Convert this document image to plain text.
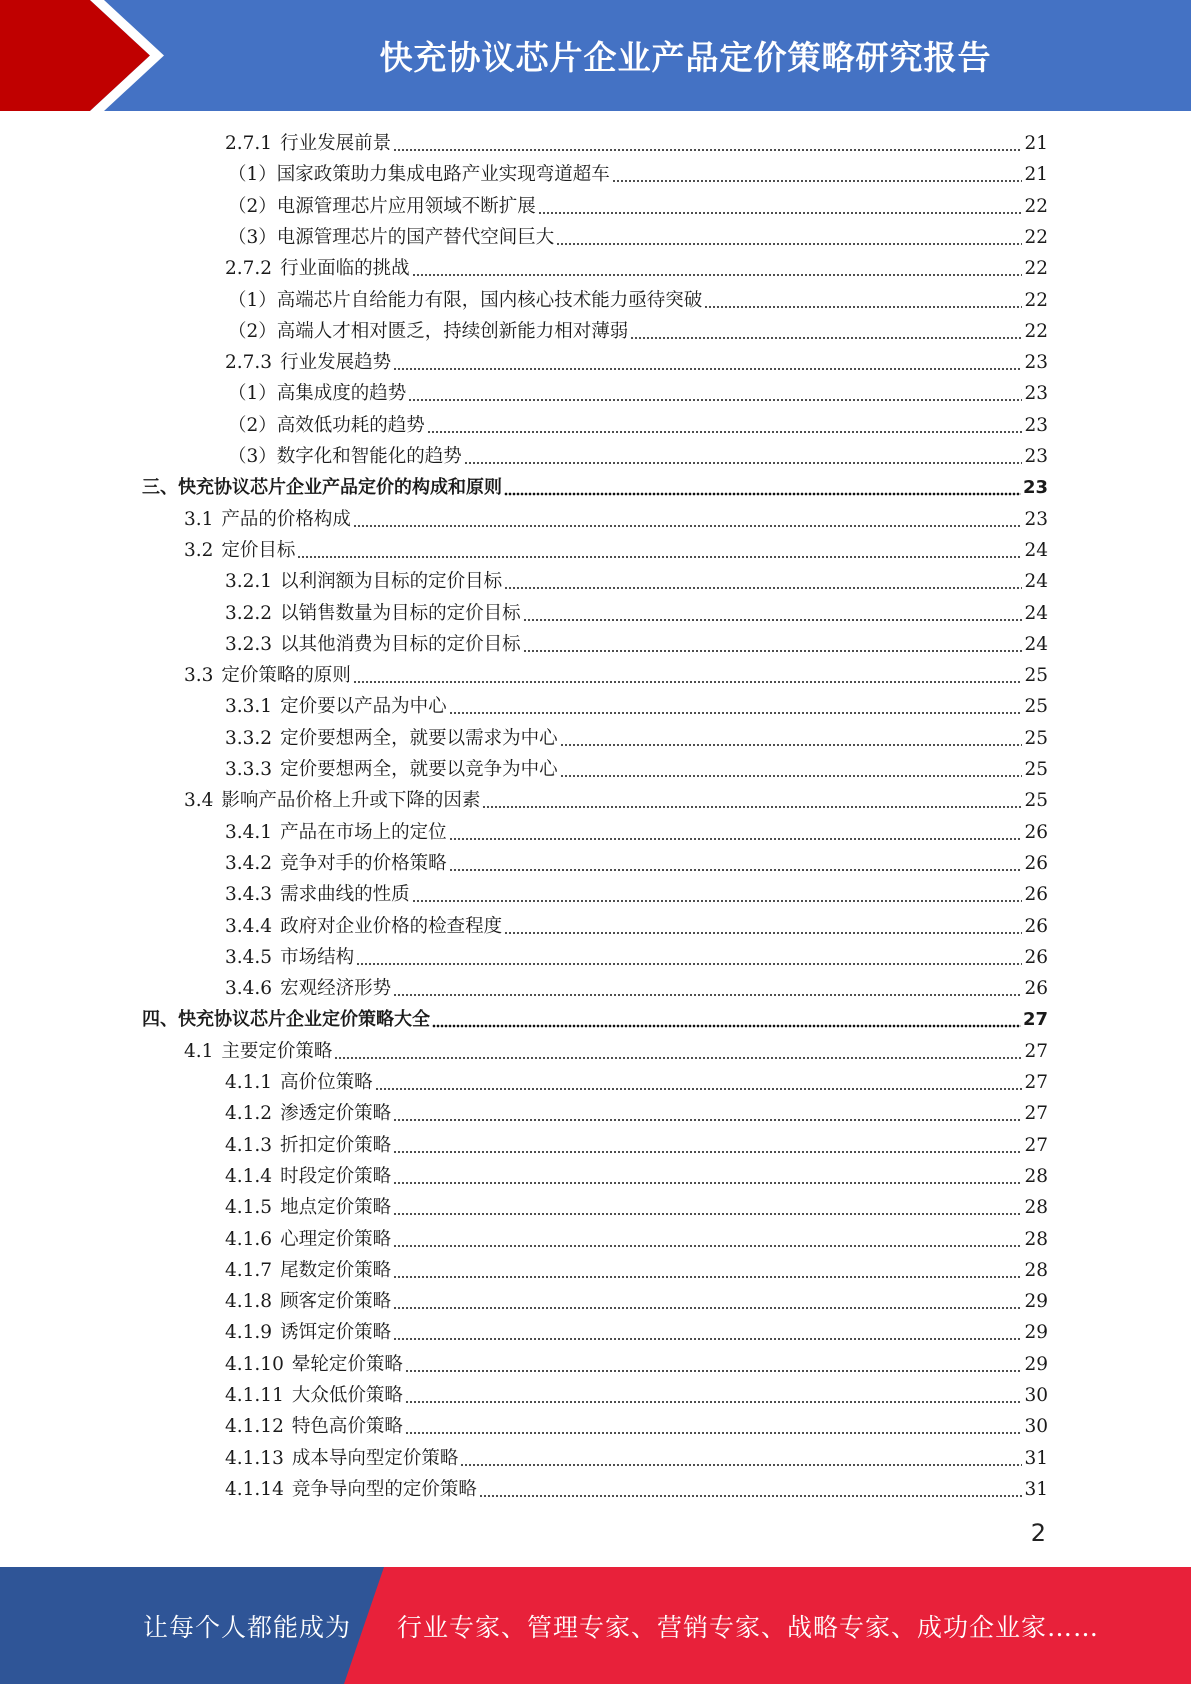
快充协议芯片企业产品定价策略研究报告
2.7.1 行业发展前景	21
（1）国家政策助力集成电路产业实现弯道超车	21
（2）电源管理芯片应用领域不断扩展	22
（3）电源管理芯片的国产替代空间巨大	22
2.7.2 行业面临的挑战	22
（1）高端芯片自给能力有限，国内核心技术能力亟待突破	22
（2）高端人才相对匮乏，持续创新能力相对薄弱	22
2.7.3 行业发展趋势	23
（1）高集成度的趋势	23
（2）高效低功耗的趋势	23
（3）数字化和智能化的趋势	23
三、快充协议芯片企业产品定价的构成和原则	23
3.1 产品的价格构成	23
3.2 定价目标	24
3.2.1 以利润额为目标的定价目标	24
3.2.2 以销售数量为目标的定价目标	24
3.2.3 以其他消费为目标的定价目标	24
3.3 定价策略的原则	25
3.3.1 定价要以产品为中心	25
3.3.2 定价要想两全，就要以需求为中心	25
3.3.3 定价要想两全，就要以竞争为中心	25
3.4 影响产品价格上升或下降的因素	25
3.4.1 产品在市场上的定位	26
3.4.2 竞争对手的价格策略	26
3.4.3 需求曲线的性质	26
3.4.4 政府对企业价格的检查程度	26
3.4.5 市场结构	26
3.4.6 宏观经济形势	26
四、快充协议芯片企业定价策略大全	27
4.1 主要定价策略	27
4.1.1 高价位策略	27
4.1.2 渗透定价策略	27
4.1.3 折扣定价策略	27
4.1.4 时段定价策略	28
4.1.5 地点定价策略	28
4.1.6 心理定价策略	28
4.1.7 尾数定价策略	28
4.1.8 顾客定价策略	29
4.1.9 诱饵定价策略	29
4.1.10 晕轮定价策略	29
4.1.11 大众低价策略	30
4.1.12 特色高价策略	30
4.1.13 成本导向型定价策略	31
4.1.14 竞争导向型的定价策略	31
2
让每个人都能成为 行业专家、管理专家、营销专家、战略专家、成功企业家……
